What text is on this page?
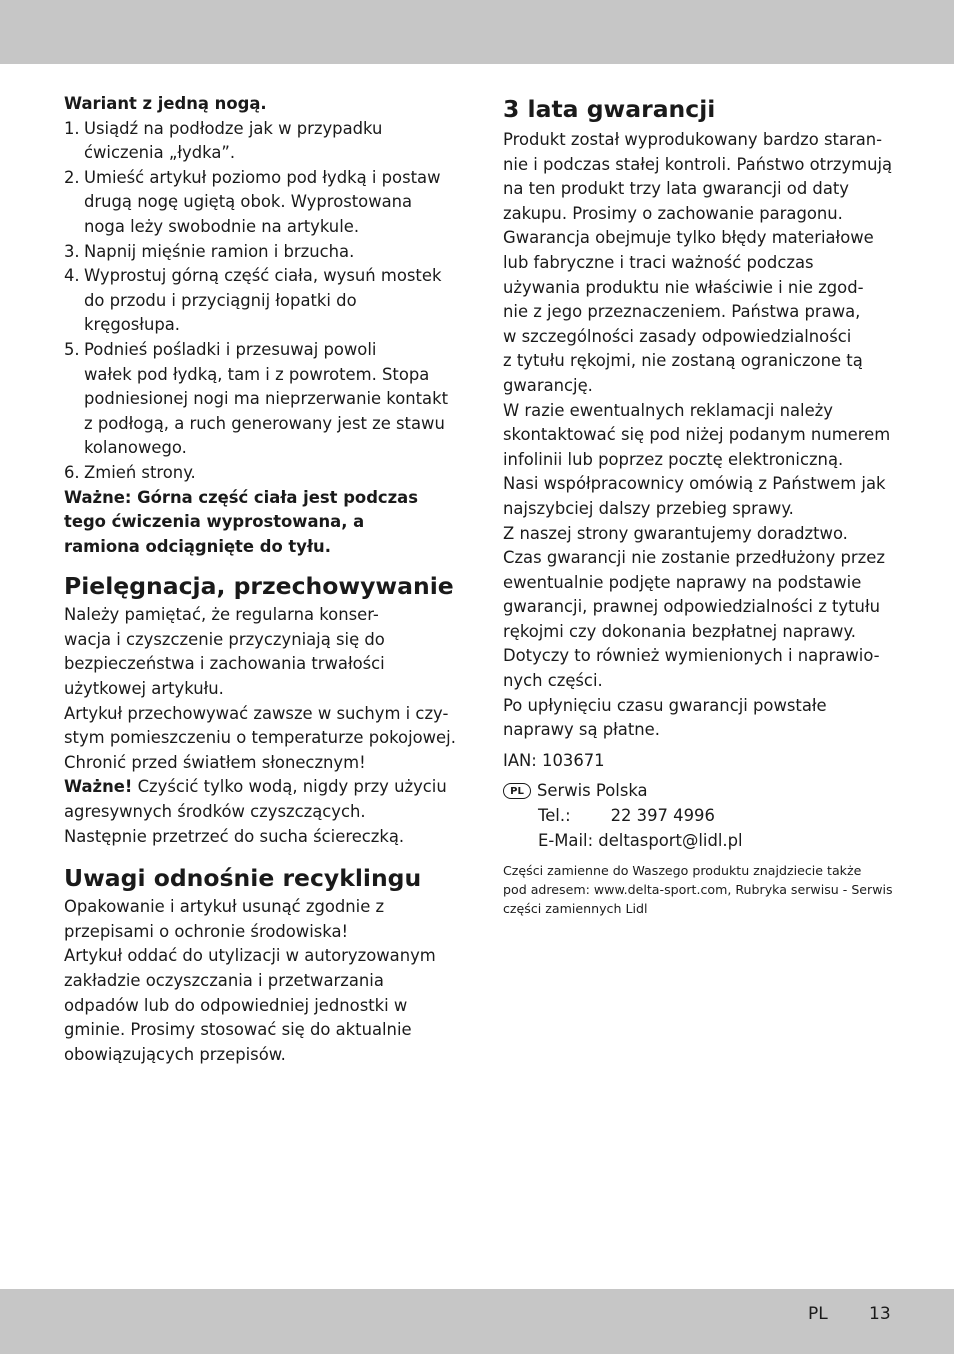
Wariant z jedną nogą.
1. Usiądź na podłodze jak w przypadku
ćwiczenia „łydka”.
2. Umieść artykuł poziomo pod łydką i postaw
drugą nogę ugiętą obok. Wyprostowana
noga leży swobodnie na artykule.
3. Napnij mięśnie ramion i brzucha.
4. Wyprostuj górną część ciała, wysuń mostek
do przodu i przyciągnij łopatki do
kręgosłupa.
5. Podnieś pośladki i przesuwaj powoli
wałek pod łydką, tam i z powrotem. Stopa
podniesionej nogi ma nieprzerwanie kontakt
z podłogą, a ruch generowany jest ze stawu
kolanowego.
6. Zmień strony.
Ważne: Górna część ciała jest podczas
tego ćwiczenia wyprostowana, a
ramiona odciągnięte do tyłu.
Pielęgnacja, przechowywanie
Należy pamiętać, że regularna konser-
wacja i czyszczenie przyczyniają się do
bezpieczeństwa i zachowania trwałości
użytkowej artykułu.
Artykuł przechowywać zawsze w suchym i czy-
stym pomieszczeniu o temperaturze pokojowej.
Chronić przed światłem słonecznym!
Ważne! Czyścić tylko wodą, nigdy przy użyciu
agresywnych środków czyszczących.
Następnie przetrzeć do sucha ściereczką.
Uwagi odnośnie recyklingu
Opakowanie i artykuł usunąć zgodnie z
przepisami o ochronie środowiska!
Artykuł oddać do utylizacji w autoryzowanym
zakładzie oczyszczania i przetwarzania
odpadów lub do odpowiedniej jednostki w
gminie. Prosimy stosować się do aktualnie
obowiązujących przepisów.
3 lata gwarancji
Produkt został wyprodukowany bardzo staran-
nie i podczas stałej kontroli. Państwo otrzymują
na ten produkt trzy lata gwarancji od daty
zakupu. Prosimy o zachowanie paragonu.
Gwarancja obejmuje tylko błędy materiałowe
lub fabryczne i traci ważność podczas
używania produktu nie właściwie i nie zgod-
nie z jego przeznaczeniem. Państwa prawa,
w szczególności zasady odpowiedzialności
z tytułu rękojmi, nie zostaną ograniczone tą
gwarancję.
W razie ewentualnych reklamacji należy
skontaktować się pod niżej podanym numerem
infolinii lub poprzez pocztę elektroniczną.
Nasi współpracownicy omówią z Państwem jak
najszybciej dalszy przebieg sprawy.
Z naszej strony gwarantujemy doradztwo.
Czas gwarancji nie zostanie przedłużony przez
ewentualnie podjęte naprawy na podstawie
gwarancji, prawnej odpowiedzialności z tytułu
rękojmi czy dokonania bezpłatnej naprawy.
Dotyczy to również wymienionych i naprawio-
nych części.
Po upłynięciu czasu gwarancji powstałe
naprawy są płatne.
IAN: 103671
PL Serwis Polska
Tel.: 22 397 4996
E-Mail: deltasport@lidl.pl
Części zamienne do Waszego produktu znajdziecie także
pod adresem: www.delta-sport.com, Rubryka serwisu - Serwis
części zamiennych Lidl
PL 13
